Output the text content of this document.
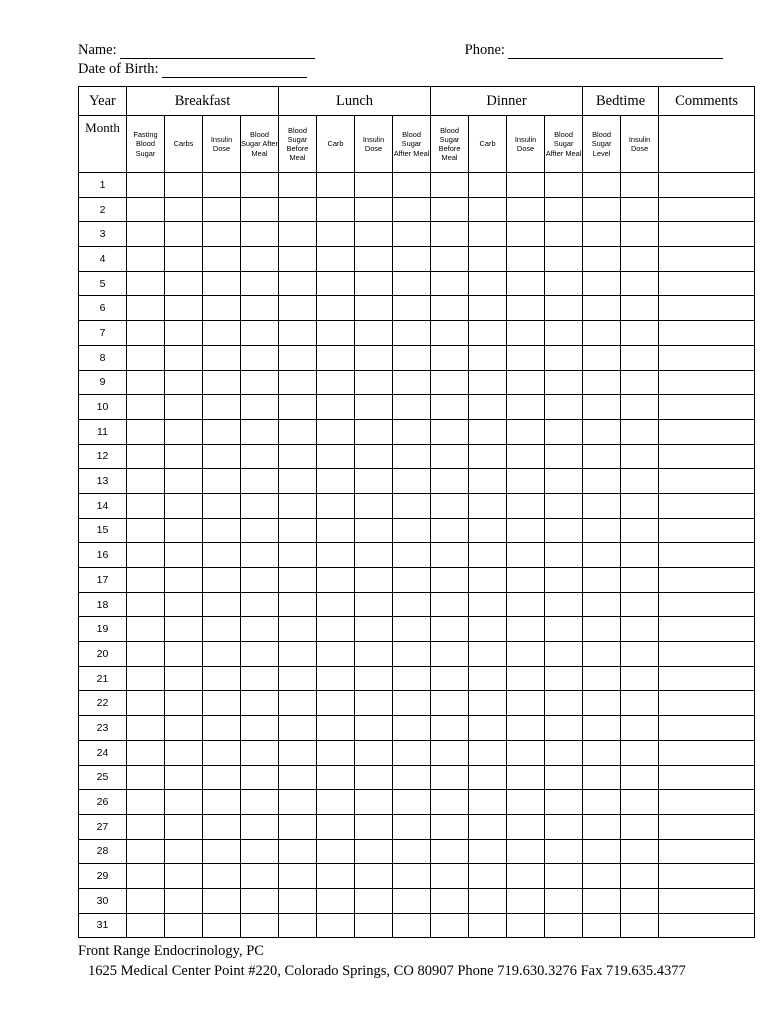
Name:	Phone:
Date of Birth:
Year	Breakfast				Lunch				Dinner				Bedtime		Comments
Month	Fasting Blood Sugar	Carbs	Insulin Dose	Blood Sugar After Meal	Blood Sugar Before Meal	Carb	Insulin Dose	Blood Sugar Affter Meal	Blood Sugar Before Meal	Carb	Insulin Dose	Blood Sugar Affter Meal	Blood Sugar Level	Insulin Dose	
1															
2															
3															
4															
5															
6															
7															
8															
9															
10															
11															
12															
13															
14															
15															
16															
17															
18															
19															
20															
21															
22															
23															
24															
25															
26															
27															
28															
29															
30															
31															
Front Range Endocrinology, PC
1625 Medical Center Point #220, Colorado Springs, CO 80907 Phone 719.630.3276 Fax 719.635.4377
